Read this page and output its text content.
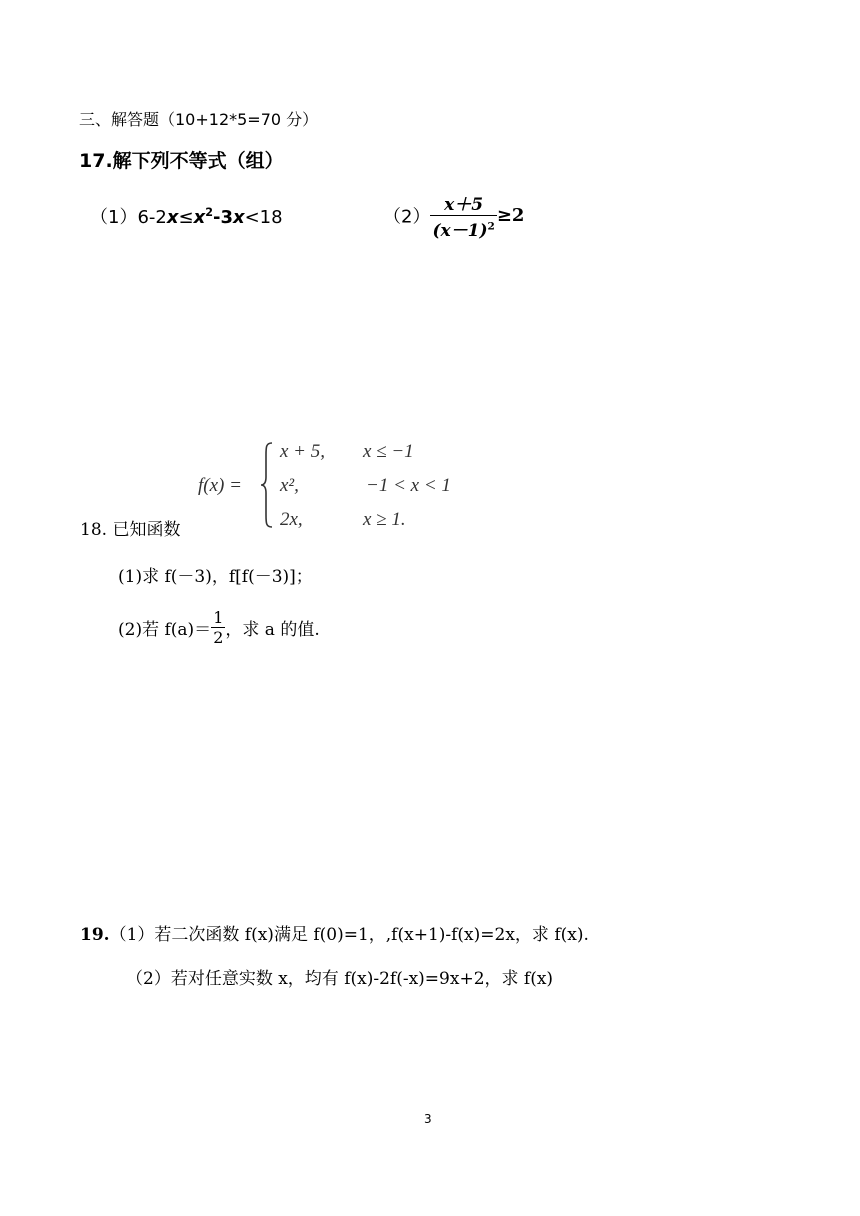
三、解答题（10+12*5=70 分）
17.解下列不等式（组）
$(1)6-2x\le x^2-3x<18$	$(2) \frac{x+5}{(x-1)^2} \ge 2$
f(x) =
x + 5, x ≤ −1
x²,	−1 < x < 1
2x,	x ≥ 1.
18. 已知函数
(1)求 f(－3)，f[f(－3)]；
(2)若 $f(a)= \frac{1}{2}$ ，求 a 的值.
19.（1）若二次函数 f(x)满足 f(0)=1，,f(x+1)-f(x)=2x，求 f(x).
（2）若对任意实数 x，均有 f(x)-2f(-x)=9x+2，求 f(x)
3
